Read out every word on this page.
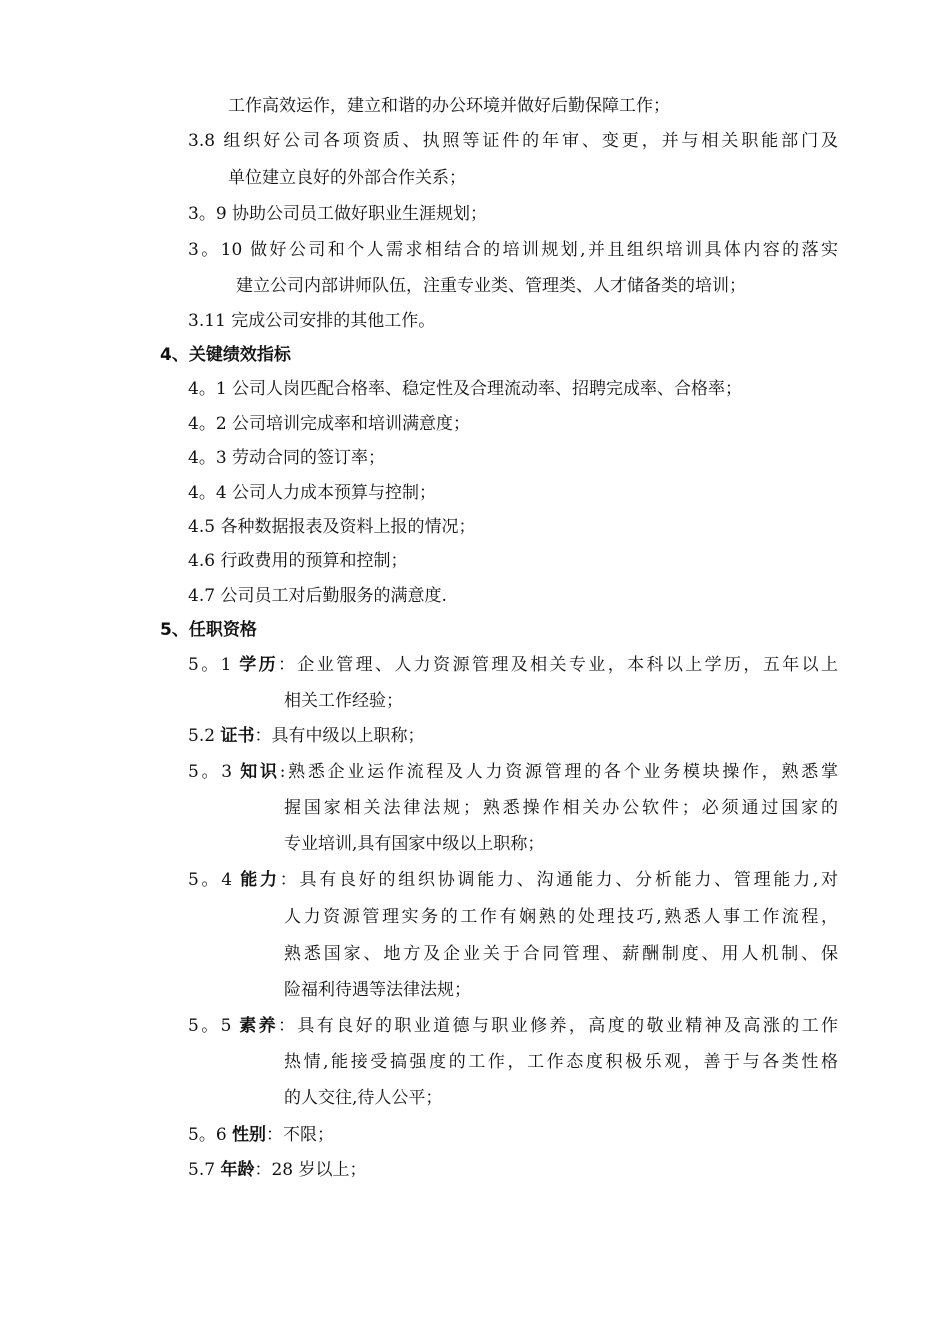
工作高效运作，建立和谐的办公环境并做好后勤保障工作；
3.8 组织好公司各项资质、执照等证件的年审、变更，并与相关职能部门及
单位建立良好的外部合作关系；
3。9 协助公司员工做好职业生涯规划；
3。10 做好公司和个人需求相结合的培训规划,并且组织培训具体内容的落实
建立公司内部讲师队伍，注重专业类、管理类、人才储备类的培训；
3.11 完成公司安排的其他工作。
4、关键绩效指标
4。1 公司人岗匹配合格率、稳定性及合理流动率、招聘完成率、合格率；
4。2 公司培训完成率和培训满意度；
4。3 劳动合同的签订率；
4。4 公司人力成本预算与控制；
4.5 各种数据报表及资料上报的情况；
4.6 行政费用的预算和控制；
4.7 公司员工对后勤服务的满意度.
5、任职资格
5。1 学历：企业管理、人力资源管理及相关专业，本科以上学历，五年以上
相关工作经验；
5.2 证书：具有中级以上职称；
5。3 知识:熟悉企业运作流程及人力资源管理的各个业务模块操作，熟悉掌
握国家相关法律法规；熟悉操作相关办公软件；必须通过国家的
专业培训,具有国家中级以上职称；
5。4 能力：具有良好的组织协调能力、沟通能力、分析能力、管理能力,对
人力资源管理实务的工作有娴熟的处理技巧,熟悉人事工作流程，
熟悉国家、地方及企业关于合同管理、薪酬制度、用人机制、保
险福利待遇等法律法规；
5。5 素养：具有良好的职业道德与职业修养，高度的敬业精神及高涨的工作
热情,能接受搞强度的工作，工作态度积极乐观，善于与各类性格
的人交往,待人公平；
5。6 性别：不限；
5.7 年龄：28 岁以上；
